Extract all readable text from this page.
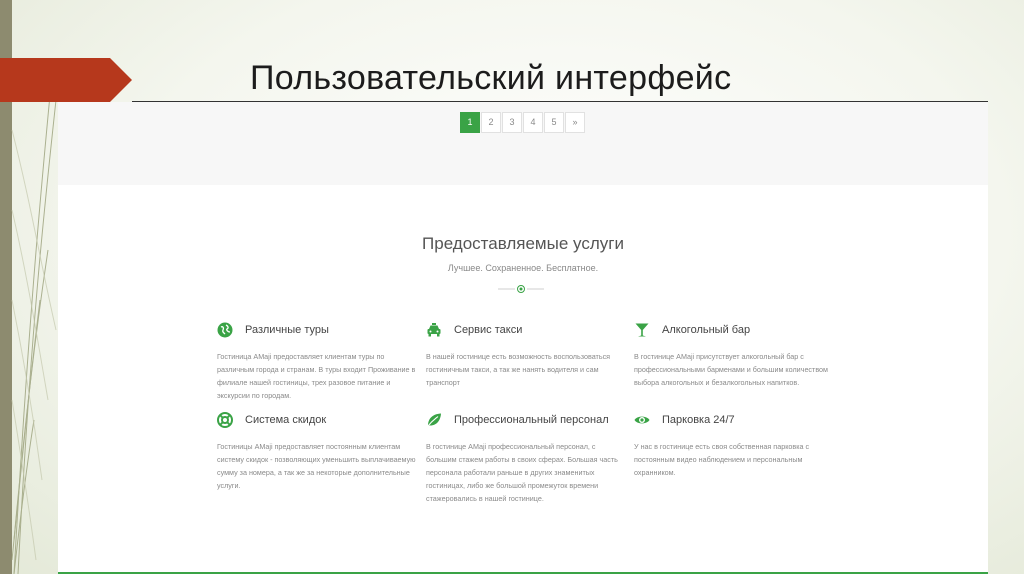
Пользовательский интерфейс
1	2	3	4	5	»
Предоставляемые услуги
Лучшее. Сохраненное. Бесплатное.
Различные туры
Гостиница AMaji предоставляет клиентам туры по различным города и странам. В туры входит Проживание в филиале нашей гостиницы, трех разовое питание и экскурсии по городам.
Сервис такси
В нашей гостинице есть возможность воспользоваться гостиничным такси, а так же нанять водителя и сам транспорт
Алкогольный бар
В гостинице AMaji присутствует алкогольный бар с профессиональными барменами и большим количеством выбора алкогольных и безалкогольных напитков.
Система скидок
Гостиницы AMaji предоставляет постоянным клиентам систему скидок - позволяющих уменьшить выплачиваемую сумму за номера, а так же за некоторые дополнительные услуги.
Профессиональный персонал
В гостинице AMaji профессиональный персонал, с большим стажем работы в своих сферах. Большая часть персонала работали раньше в других знаменитых гостиницах, либо же большой промежуток времени стажеровались в нашей гостинице.
Парковка 24/7
У нас в гостинице есть своя собственная парковка с постоянным видео наблюдением и персональным охранником.
